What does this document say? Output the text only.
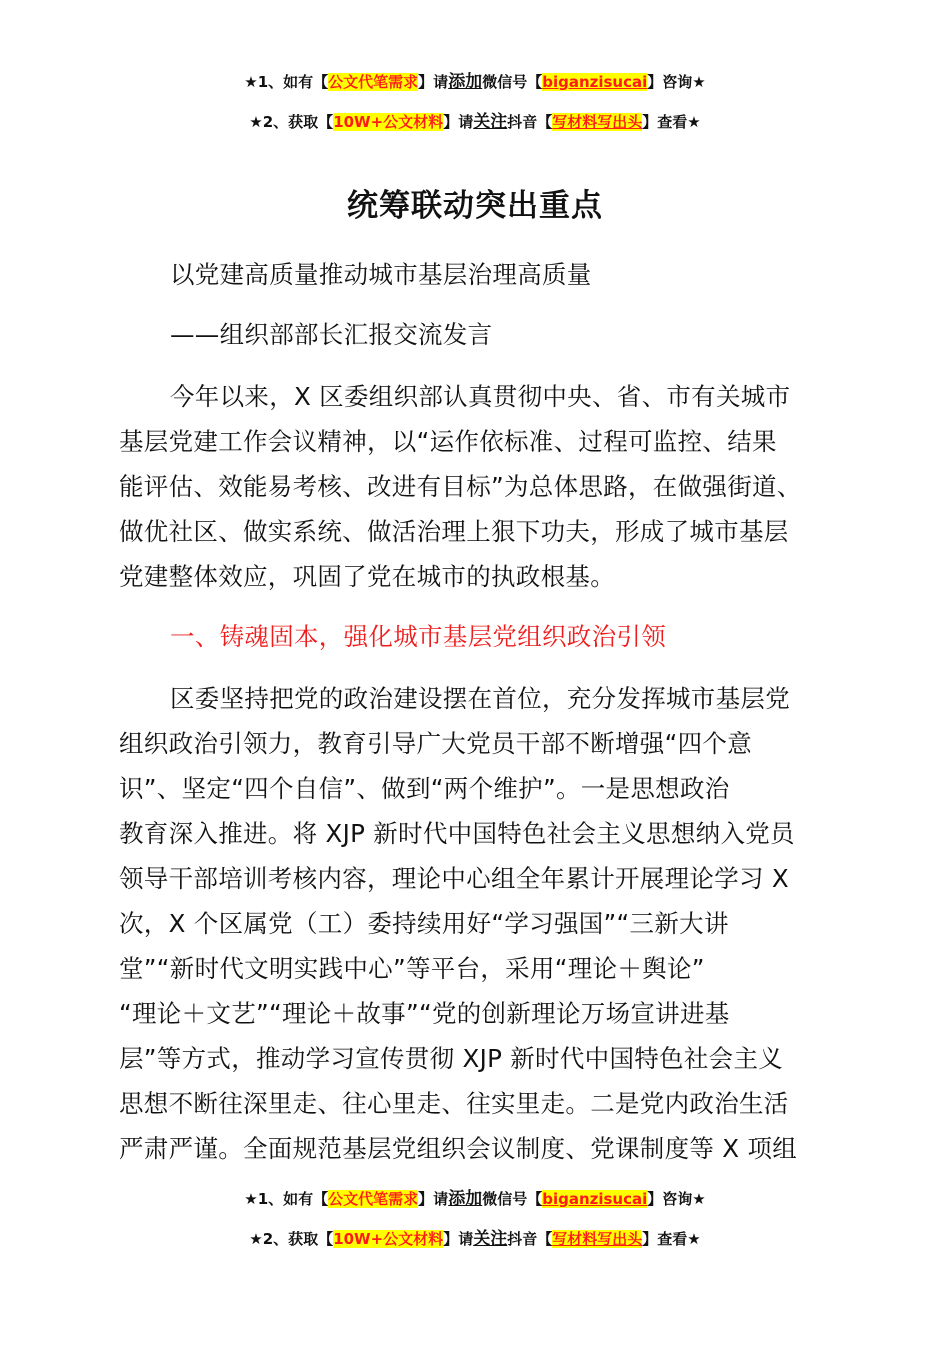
★1、如有【公文代笔需求】请添加微信号【biganzisucai】咨询★
★2、获取【10W+公文材料】请关注抖音【写材料写出头】查看★
统筹联动突出重点
以党建高质量推动城市基层治理高质量
——组织部部长汇报交流发言
今年以来，X 区委组织部认真贯彻中央、省、市有关城市
基层党建工作会议精神，以“运作依标准、过程可监控、结果
能评估、效能易考核、改进有目标”为总体思路，在做强街道、
做优社区、做实系统、做活治理上狠下功夫，形成了城市基层
党建整体效应，巩固了党在城市的执政根基。
一、铸魂固本，强化城市基层党组织政治引领
区委坚持把党的政治建设摆在首位，充分发挥城市基层党
组织政治引领力，教育引导广大党员干部不断增强“四个意
识”、坚定“四个自信”、做到“两个维护”。一是思想政治
教育深入推进。将 XJP 新时代中国特色社会主义思想纳入党员
领导干部培训考核内容，理论中心组全年累计开展理论学习 X
次，X 个区属党（工）委持续用好“学习强国”“三新大讲
堂”“新时代文明实践中心”等平台，采用“理论＋舆论”
“理论＋文艺”“理论＋故事”“党的创新理论万场宣讲进基
层”等方式，推动学习宣传贯彻 XJP 新时代中国特色社会主义
思想不断往深里走、往心里走、往实里走。二是党内政治生活
严肃严谨。全面规范基层党组织会议制度、党课制度等 X 项组
★1、如有【公文代笔需求】请添加微信号【biganzisucai】咨询★
★2、获取【10W+公文材料】请关注抖音【写材料写出头】查看★
